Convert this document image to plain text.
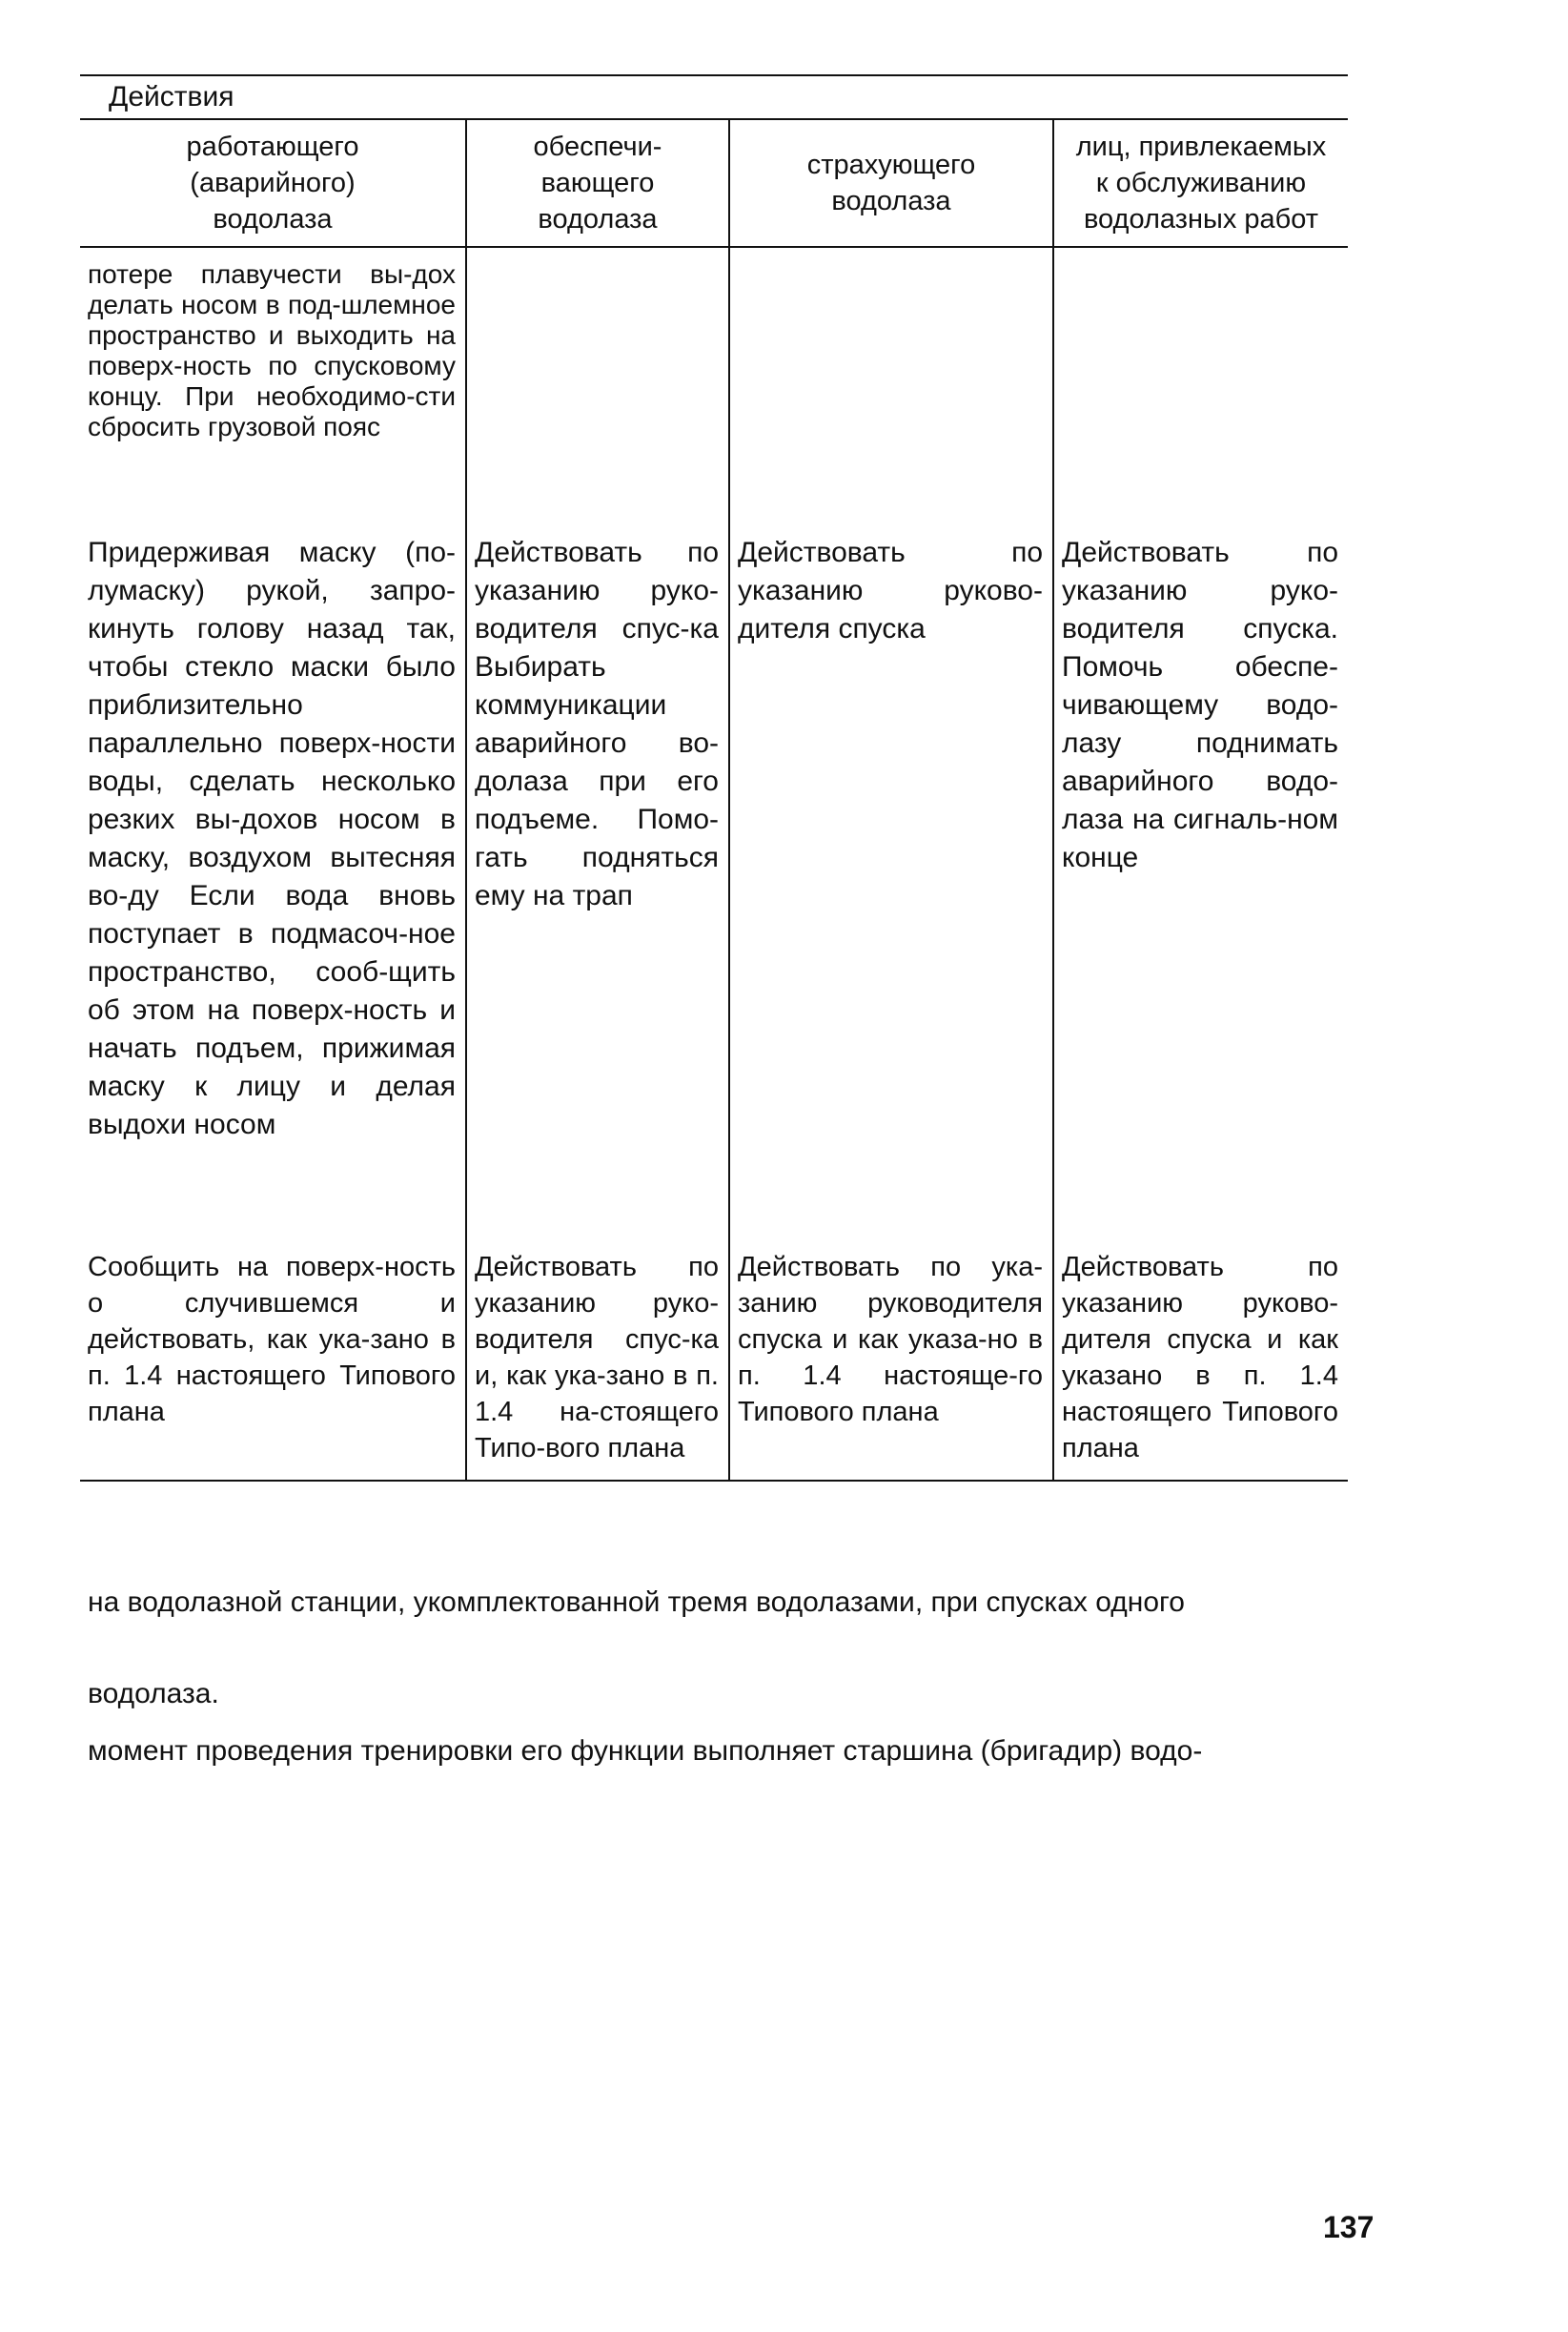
Действия
работающего
(аварийного)
водолаза
обеспечи-
вающего
водолаза
страхующего
водолаза
лиц, привлекаемых
к обслуживанию
водолазных работ
потере плавучести вы-дох делать носом в под-шлемное пространство и выходить на поверх-ность по спусковому концу. При необходимо-сти сбросить грузовой пояс
Придерживая маску (по-лумаску) рукой, запро-кинуть голову назад так, чтобы стекло маски было приблизительно параллельно поверх-ности воды, сделать несколько резких вы-дохов носом в маску, воздухом вытесняя во-ду Если вода вновь поступает в подмасоч-ное пространство, сооб-щить об этом на поверх-ность и начать подъем, прижимая маску к лицу и делая выдохи носом
Действовать по указанию руко-водителя спус-ка Выбирать коммуникации аварийного во-долаза при его подъеме. Помо-гать подняться ему на трап
Действовать по указанию руково-дителя спуска
Действовать по указанию руко-водителя спуска. Помочь обеспе-чивающему водо-лазу поднимать аварийного водо-лаза на сигналь-ном конце
Сообщить на поверх-ность о случившемся и действовать, как ука-зано в п. 1.4 настоящего Типового плана
Действовать по указанию руко-водителя спус-ка и, как ука-зано в п. 1.4 на-стоящего Типо-вого плана
Действовать по ука-занию руководителя спуска и как указа-но в п. 1.4 настояще-го Типового плана
Действовать по указанию руково-дителя спуска и как указано в п. 1.4 настоящего Типового плана
на водолазной станции, укомплектованной тремя водолазами, при спусках одного
водолаза.
момент проведения тренировки его функции выполняет старшина (бригадир) водо-
137
